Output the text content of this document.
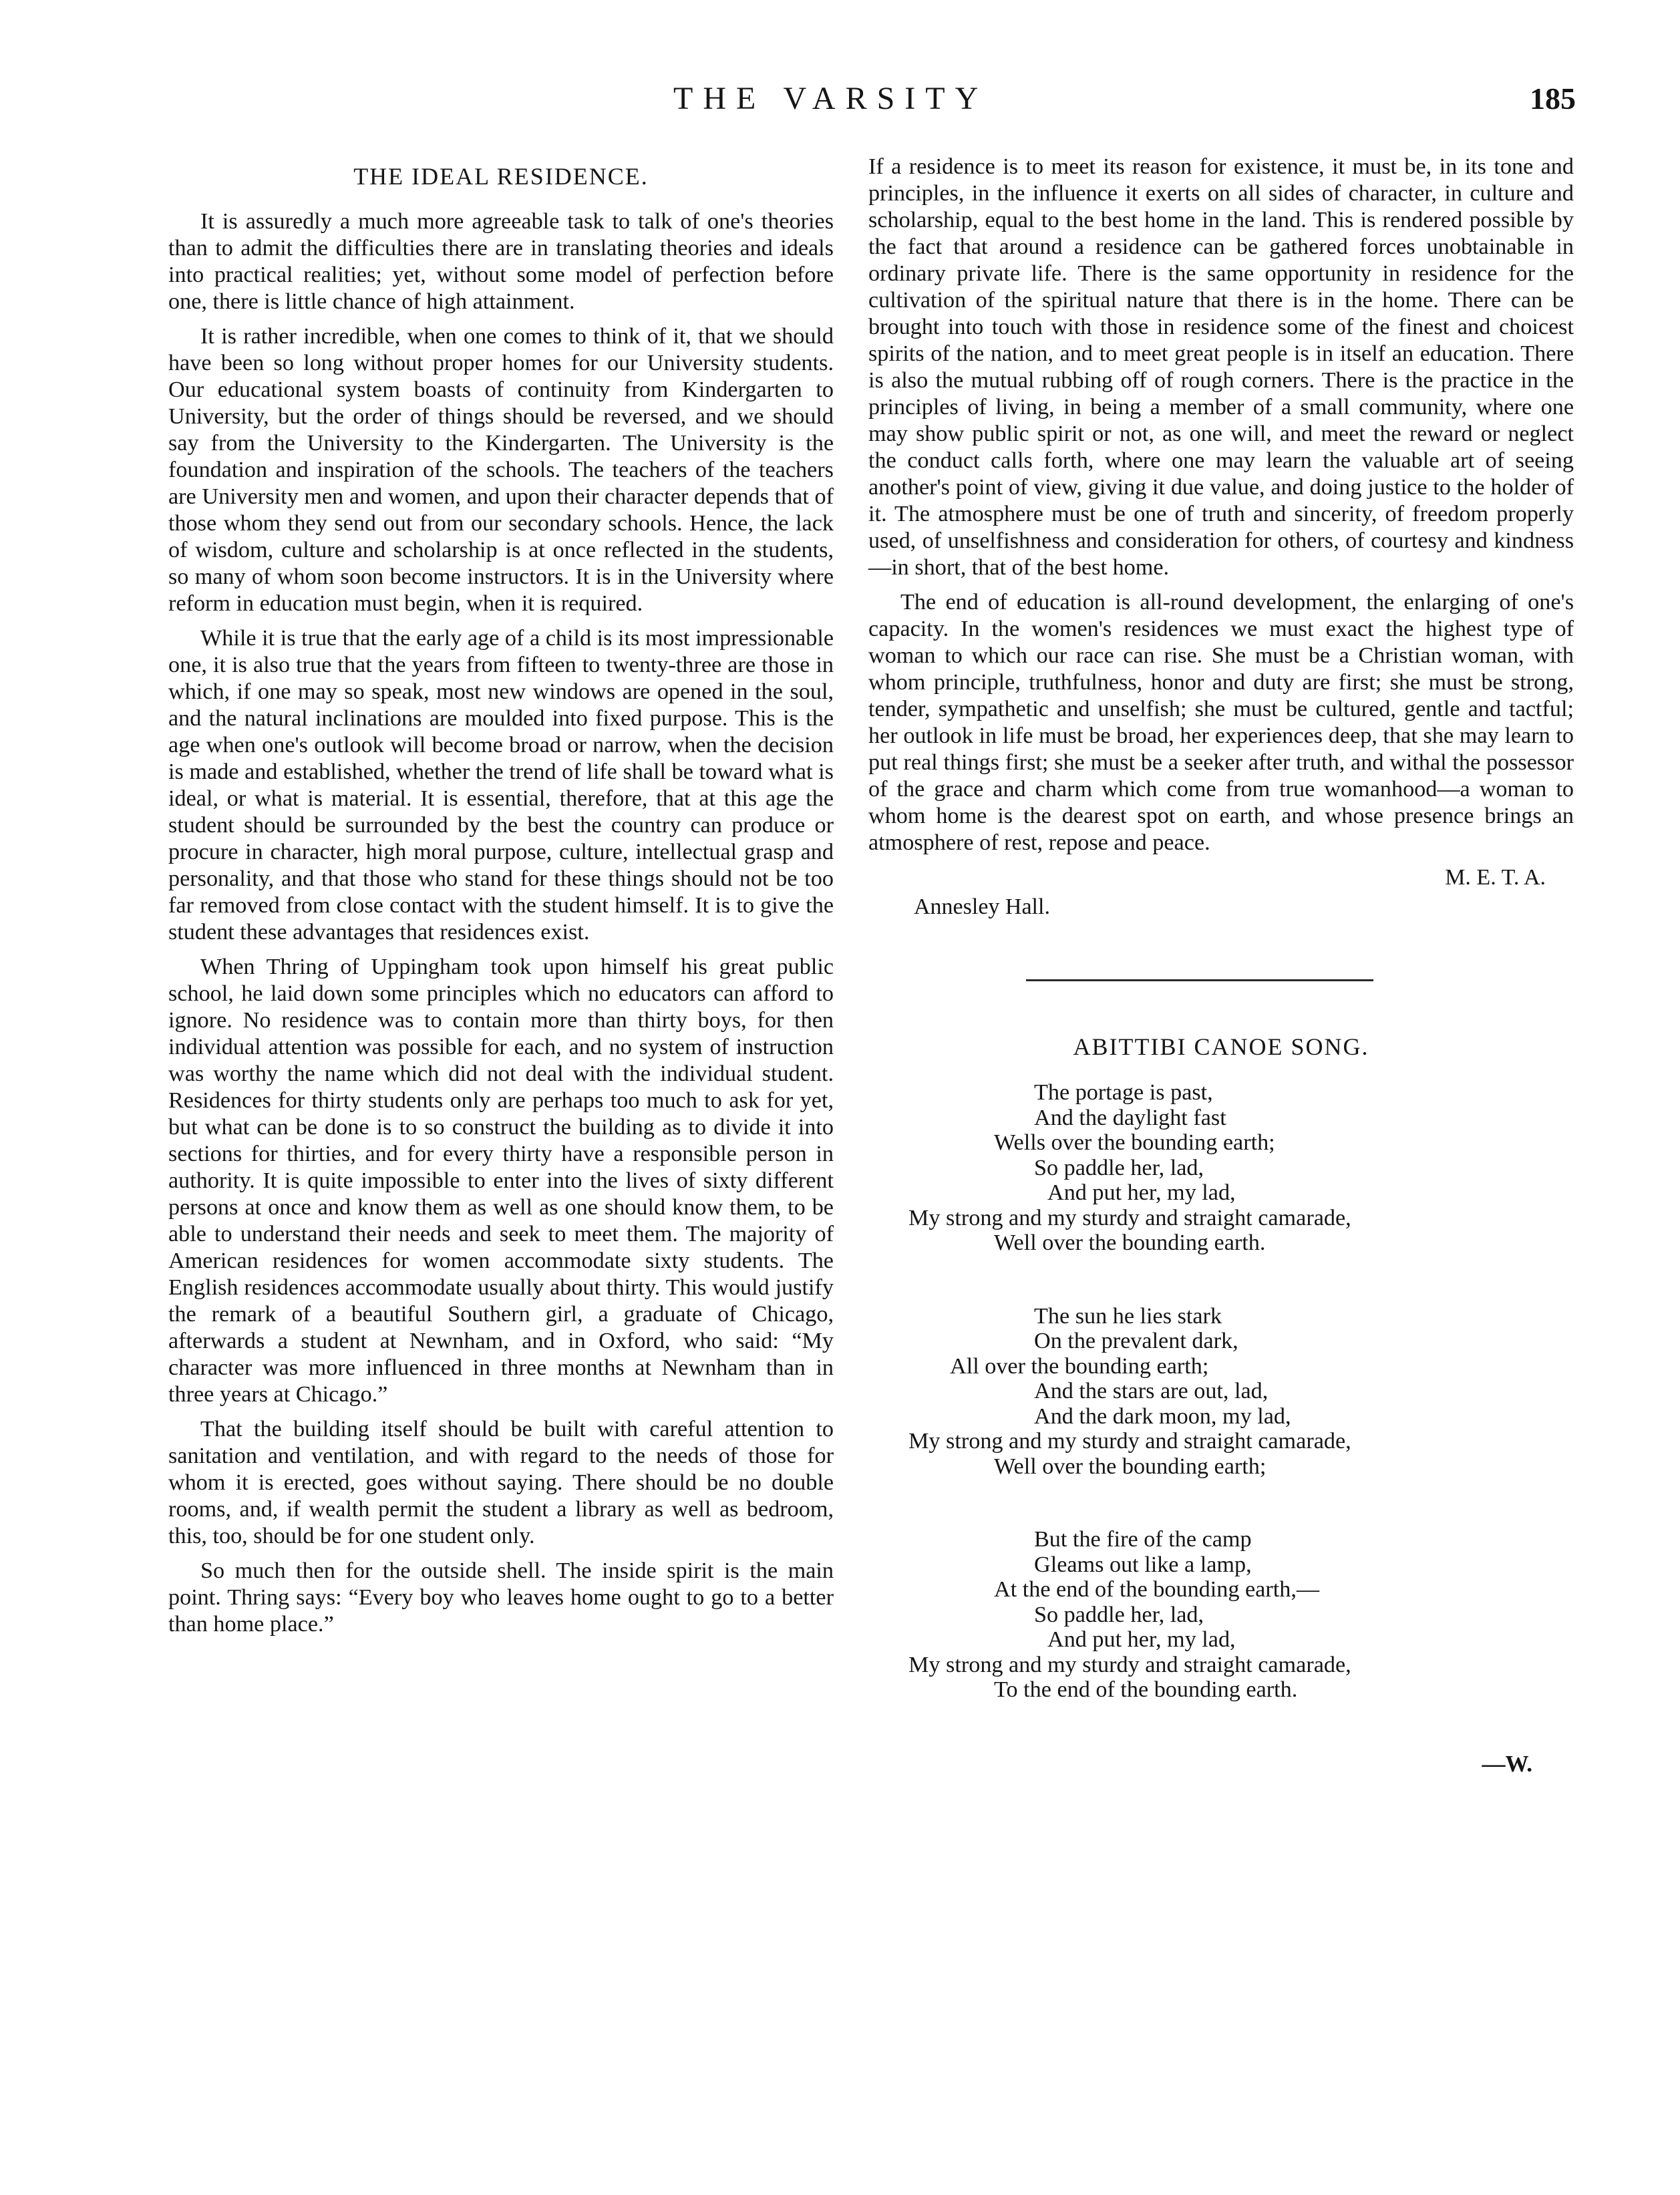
THE VARSITY	185
THE IDEAL RESIDENCE.

It is assuredly a much more agreeable task to talk of one's theories than to admit the difficulties there are in translating theories and ideals into practical realities; yet, without some model of perfection before one, there is little chance of high attainment.

It is rather incredible, when one comes to think of it, that we should have been so long without proper homes for our University students. Our educational system boasts of continuity from Kindergarten to University, but the order of things should be reversed, and we should say from the University to the Kindergarten. The University is the foundation and inspiration of the schools. The teachers of the teachers are University men and women, and upon their character depends that of those whom they send out from our secondary schools. Hence, the lack of wisdom, culture and scholarship is at once reflected in the students, so many of whom soon become instructors. It is in the University where reform in education must begin, when it is required.

While it is true that the early age of a child is its most impressionable one, it is also true that the years from fifteen to twenty-three are those in which, if one may so speak, most new windows are opened in the soul, and the natural inclinations are moulded into fixed purpose. This is the age when one's outlook will become broad or narrow, when the decision is made and established, whether the trend of life shall be toward what is ideal, or what is material. It is essential, therefore, that at this age the student should be surrounded by the best the country can produce or procure in character, high moral purpose, culture, intellectual grasp and personality, and that those who stand for these things should not be too far removed from close contact with the student himself. It is to give the student these advantages that residences exist.

When Thring of Uppingham took upon himself his great public school, he laid down some principles which no educators can afford to ignore. No residence was to contain more than thirty boys, for then individual attention was possible for each, and no system of instruction was worthy the name which did not deal with the individual student. Residences for thirty students only are perhaps too much to ask for yet, but what can be done is to so construct the building as to divide it into sections for thirties, and for every thirty have a responsible person in authority. It is quite impossible to enter into the lives of sixty different persons at once and know them as well as one should know them, to be able to understand their needs and seek to meet them. The majority of American residences for women accommodate sixty students. The English residences accommodate usually about thirty. This would justify the remark of a beautiful Southern girl, a graduate of Chicago, afterwards a student at Newnham, and in Oxford, who said: “My character was more influenced in three months at Newnham than in three years at Chicago.”

That the building itself should be built with careful attention to sanitation and ventilation, and with regard to the needs of those for whom it is erected, goes without saying. There should be no double rooms, and, if wealth permit the student a library as well as bedroom, this, too, should be for one student only.

So much then for the outside shell. The inside spirit is the main point. Thring says: “Every boy who leaves home ought to go to a better than home place.”

If a residence is to meet its reason for existence, it must be, in its tone and principles, in the influence it exerts on all sides of character, in culture and scholarship, equal to the best home in the land. This is rendered possible by the fact that around a residence can be gathered forces unobtainable in ordinary private life. There is the same opportunity in residence for the cultivation of the spiritual nature that there is in the home. There can be brought into touch with those in residence some of the finest and choicest spirits of the nation, and to meet great people is in itself an education. There is also the mutual rubbing off of rough corners. There is the practice in the principles of living, in being a member of a small community, where one may show public spirit or not, as one will, and meet the reward or neglect the conduct calls forth, where one may learn the valuable art of seeing another's point of view, giving it due value, and doing justice to the holder of it. The atmosphere must be one of truth and sincerity, of freedom properly used, of unselfishness and consideration for others, of courtesy and kindness—in short, that of the best home.

The end of education is all-round development, the enlarging of one's capacity. In the women's residences we must exact the highest type of woman to which our race can rise. She must be a Christian woman, with whom principle, truthfulness, honor and duty are first; she must be strong, tender, sympathetic and unselfish; she must be cultured, gentle and tactful; her outlook in life must be broad, her experiences deep, that she may learn to put real things first; she must be a seeker after truth, and withal the possessor of the grace and charm which come from true womanhood—a woman to whom home is the dearest spot on earth, and whose presence brings an atmosphere of rest, repose and peace.

M. E. T. A.
Annesley Hall.
ABITTIBI CANOE SONG.
The portage is past,
And the daylight fast
Wells over the bounding earth;
So paddle her, lad,
And put her, my lad,
My strong and my sturdy and straight camarade,
Well over the bounding earth.
The sun he lies stark
On the prevalent dark,
All over the bounding earth;
And the stars are out, lad,
And the dark moon, my lad,
My strong and my sturdy and straight camarade,
Well over the bounding earth;
But the fire of the camp
Gleams out like a lamp,
At the end of the bounding earth,—
So paddle her, lad,
And put her, my lad,
My strong and my sturdy and straight camarade,
To the end of the bounding earth.
—W.
